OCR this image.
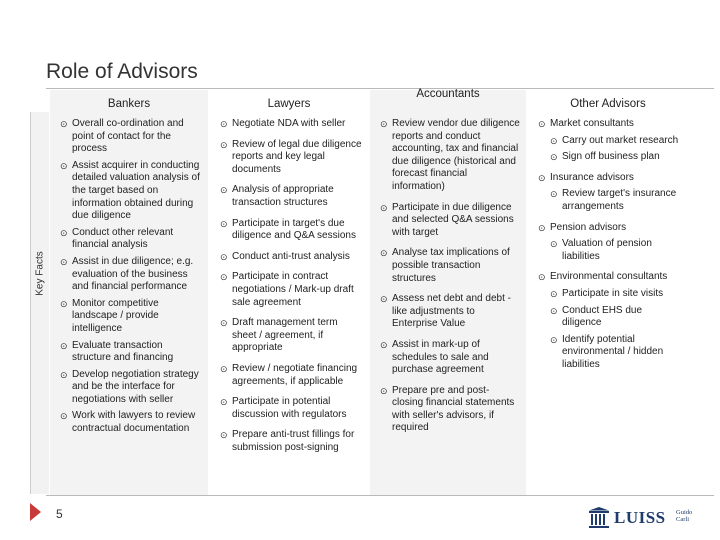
Role of Advisors
Key Facts
Bankers
⊙ Overall co-ordination and point of contact for the process
⊙ Assist acquirer in conducting detailed valuation analysis of the target based on information obtained during due diligence
⊙ Conduct other relevant financial analysis
⊙ Assist in due diligence; e.g. evaluation of the business and financial performance
⊙ Monitor competitive landscape / provide intelligence
⊙ Evaluate transaction structure and financing
⊙ Develop negotiation strategy and be the interface for negotiations with seller
⊙ Work with lawyers to review contractual documentation
Lawyers
⊙ Negotiate NDA with seller
⊙ Review of legal due diligence reports and key legal documents
⊙ Analysis of appropriate transaction structures
⊙ Participate in target's due diligence and Q&A sessions
⊙ Conduct anti-trust analysis
⊙ Participate in contract negotiations / Mark-up draft sale agreement
⊙ Draft management term sheet / agreement, if appropriate
⊙ Review / negotiate financing agreements, if applicable
⊙ Participate in potential discussion with regulators
⊙ Prepare anti-trust fillings for submission post-signing
Accountants
⊙ Review vendor due diligence reports and conduct accounting, tax and financial due diligence (historical and forecast financial information)
⊙ Participate in due diligence and selected Q&A sessions with target
⊙ Analyse tax implications of possible transaction structures
⊙ Assess net debt and debt -like adjustments to Enterprise Value
⊙ Assist in mark-up of schedules to sale and purchase agreement
⊙ Prepare pre and post-closing financial statements with seller's advisors, if required
Other Advisors
⊙ Market consultants
⊙ Carry out market research
⊙ Sign off business plan
⊙ Insurance advisors
⊙ Review target's insurance arrangements
⊙ Pension advisors
⊙ Valuation of pension liabilities
⊙ Environmental consultants
⊙ Participate in site visits
⊙ Conduct EHS due diligence
⊙ Identify potential environmental / hidden liabilities
5	LUISS Guido Carli
